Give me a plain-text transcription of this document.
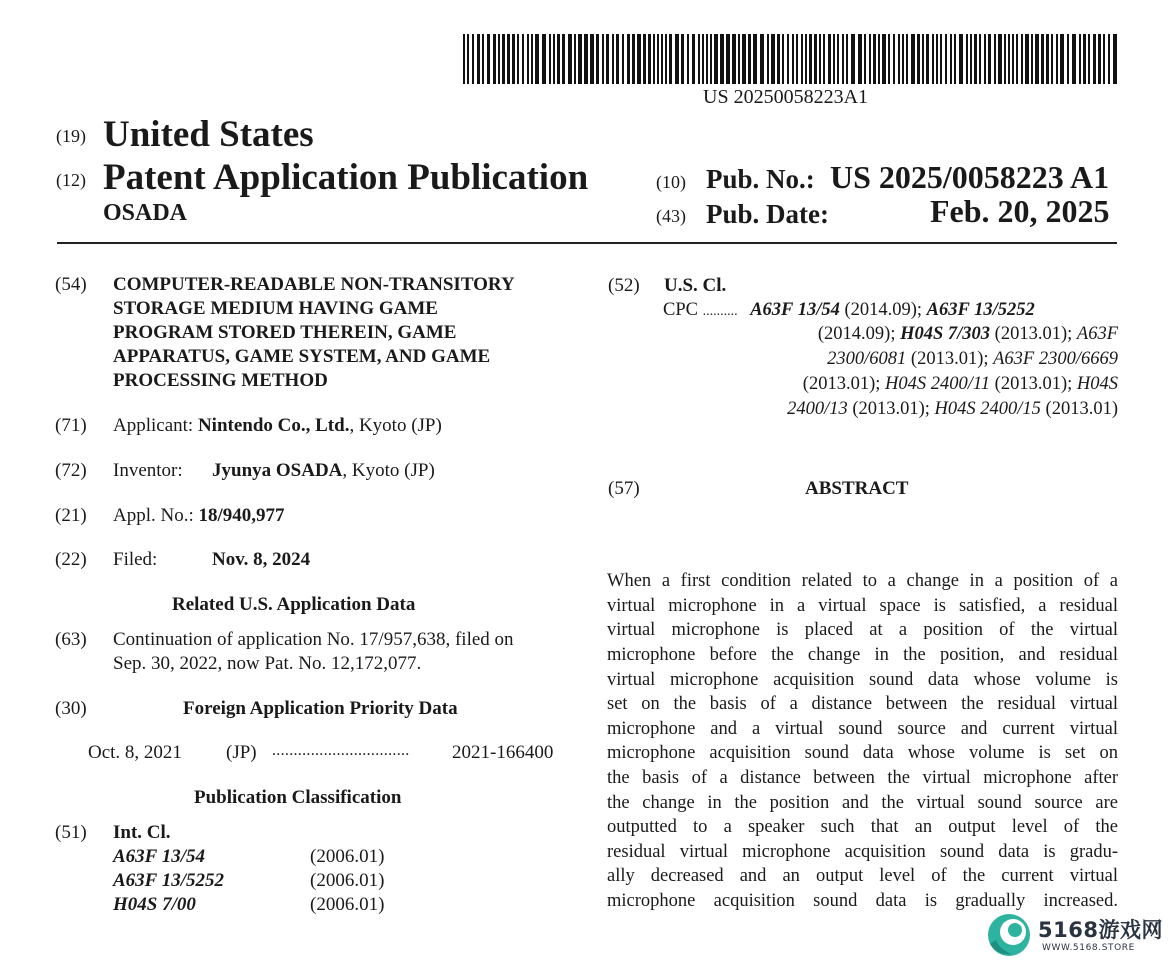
US 20250058223A1
(19) United States
(12) Patent Application Publication
OSADA
(10) Pub. No.: US 2025/0058223 A1
(43) Pub. Date:	Feb. 20, 2025
(54) COMPUTER-READABLE NON-TRANSITORY
STORAGE MEDIUM HAVING GAME
PROGRAM STORED THEREIN, GAME
APPARATUS, GAME SYSTEM, AND GAME
PROCESSING METHOD
(71) Applicant: Nintendo Co., Ltd., Kyoto (JP)
(72) Inventor: Jyunya OSADA, Kyoto (JP)
(21) Appl. No.: 18/940,977
(22) Filed:	Nov. 8, 2024
Related U.S. Application Data
(63) Continuation of application No. 17/957,638, filed on
Sep. 30, 2022, now Pat. No. 12,172,077.
(30)	Foreign Application Priority Data
Oct. 8, 2021 (JP) ................................ 2021-166400
Publication Classification
(51) Int. Cl.
A63F 13/54	(2006.01)
A63F 13/5252	(2006.01)
H04S 7/00	(2006.01)
(52) U.S. Cl.
CPC .......... A63F 13/54 (2014.09); A63F 13/5252
(2014.09); H04S 7/303 (2013.01); A63F
2300/6081 (2013.01); A63F 2300/6669
(2013.01); H04S 2400/11 (2013.01); H04S
2400/13 (2013.01); H04S 2400/15 (2013.01)
(57)	ABSTRACT
When a first condition related to a change in a position of a
virtual microphone in a virtual space is satisfied, a residual
virtual microphone is placed at a position of the virtual
microphone before the change in the position, and residual
virtual microphone acquisition sound data whose volume is
set on the basis of a distance between the residual virtual
microphone and a virtual sound source and current virtual
microphone acquisition sound data whose volume is set on
the basis of a distance between the virtual microphone after
the change in the position and the virtual sound source are
outputted to a speaker such that an output level of the
residual virtual microphone acquisition sound data is gradu-
ally decreased and an output level of the current virtual
microphone acquisition sound data is gradually increased.
5168游戏网
WWW.5168.STORE
